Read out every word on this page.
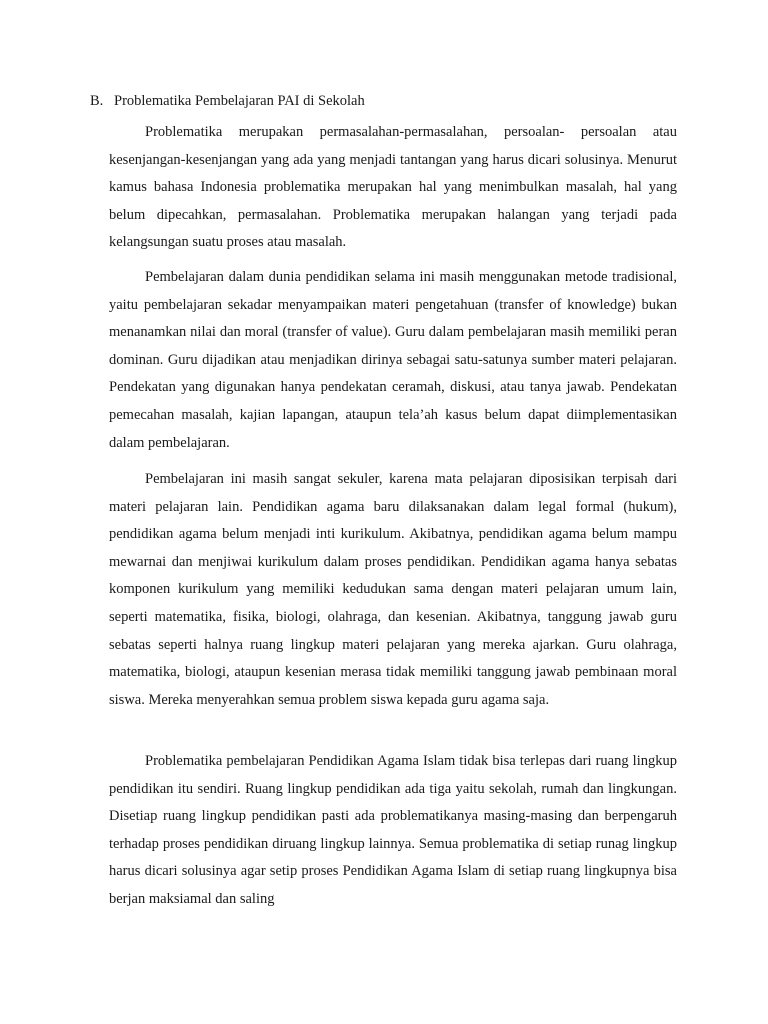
B. Problematika Pembelajaran PAI di Sekolah

Problematika merupakan permasalahan-permasalahan, persoalan- persoalan atau kesenjangan-kesenjangan yang ada yang menjadi tantangan yang harus dicari solusinya. Menurut kamus bahasa Indonesia problematika merupakan hal yang menimbulkan masalah, hal yang belum dipecahkan, permasalahan. Problematika merupakan halangan yang terjadi pada kelangsungan suatu proses atau masalah.

Pembelajaran dalam dunia pendidikan selama ini masih menggunakan metode tradisional, yaitu pembelajaran sekadar menyampaikan materi pengetahuan (transfer of knowledge) bukan menanamkan nilai dan moral (transfer of value). Guru dalam pembelajaran masih memiliki peran dominan. Guru dijadikan atau menjadikan dirinya sebagai satu-satunya sumber materi pelajaran. Pendekatan yang digunakan hanya pendekatan ceramah, diskusi, atau tanya jawab. Pendekatan pemecahan masalah, kajian lapangan, ataupun tela’ah kasus belum dapat diimplementasikan dalam pembelajaran.

Pembelajaran ini masih sangat sekuler, karena mata pelajaran diposisikan terpisah dari materi pelajaran lain. Pendidikan agama baru dilaksanakan dalam legal formal (hukum), pendidikan agama belum menjadi inti kurikulum. Akibatnya, pendidikan agama belum mampu mewarnai dan menjiwai kurikulum dalam proses pendidikan. Pendidikan agama hanya sebatas komponen kurikulum yang memiliki kedudukan sama dengan materi pelajaran umum lain, seperti matematika, fisika, biologi, olahraga, dan kesenian. Akibatnya, tanggung jawab guru sebatas seperti halnya ruang lingkup materi pelajaran yang mereka ajarkan. Guru olahraga, matematika, biologi, ataupun kesenian merasa tidak memiliki tanggung jawab pembinaan moral siswa. Mereka menyerahkan semua problem siswa kepada guru agama saja.

Problematika pembelajaran Pendidikan Agama Islam tidak bisa terlepas dari ruang lingkup pendidikan itu sendiri. Ruang lingkup pendidikan ada tiga yaitu sekolah, rumah dan lingkungan. Disetiap ruang lingkup pendidikan pasti ada problematikanya masing-masing dan berpengaruh terhadap proses pendidikan diruang lingkup lainnya. Semua problematika di setiap runag lingkup harus dicari solusinya agar setip proses Pendidikan Agama Islam di setiap ruang lingkupnya bisa berjan maksiamal dan saling
